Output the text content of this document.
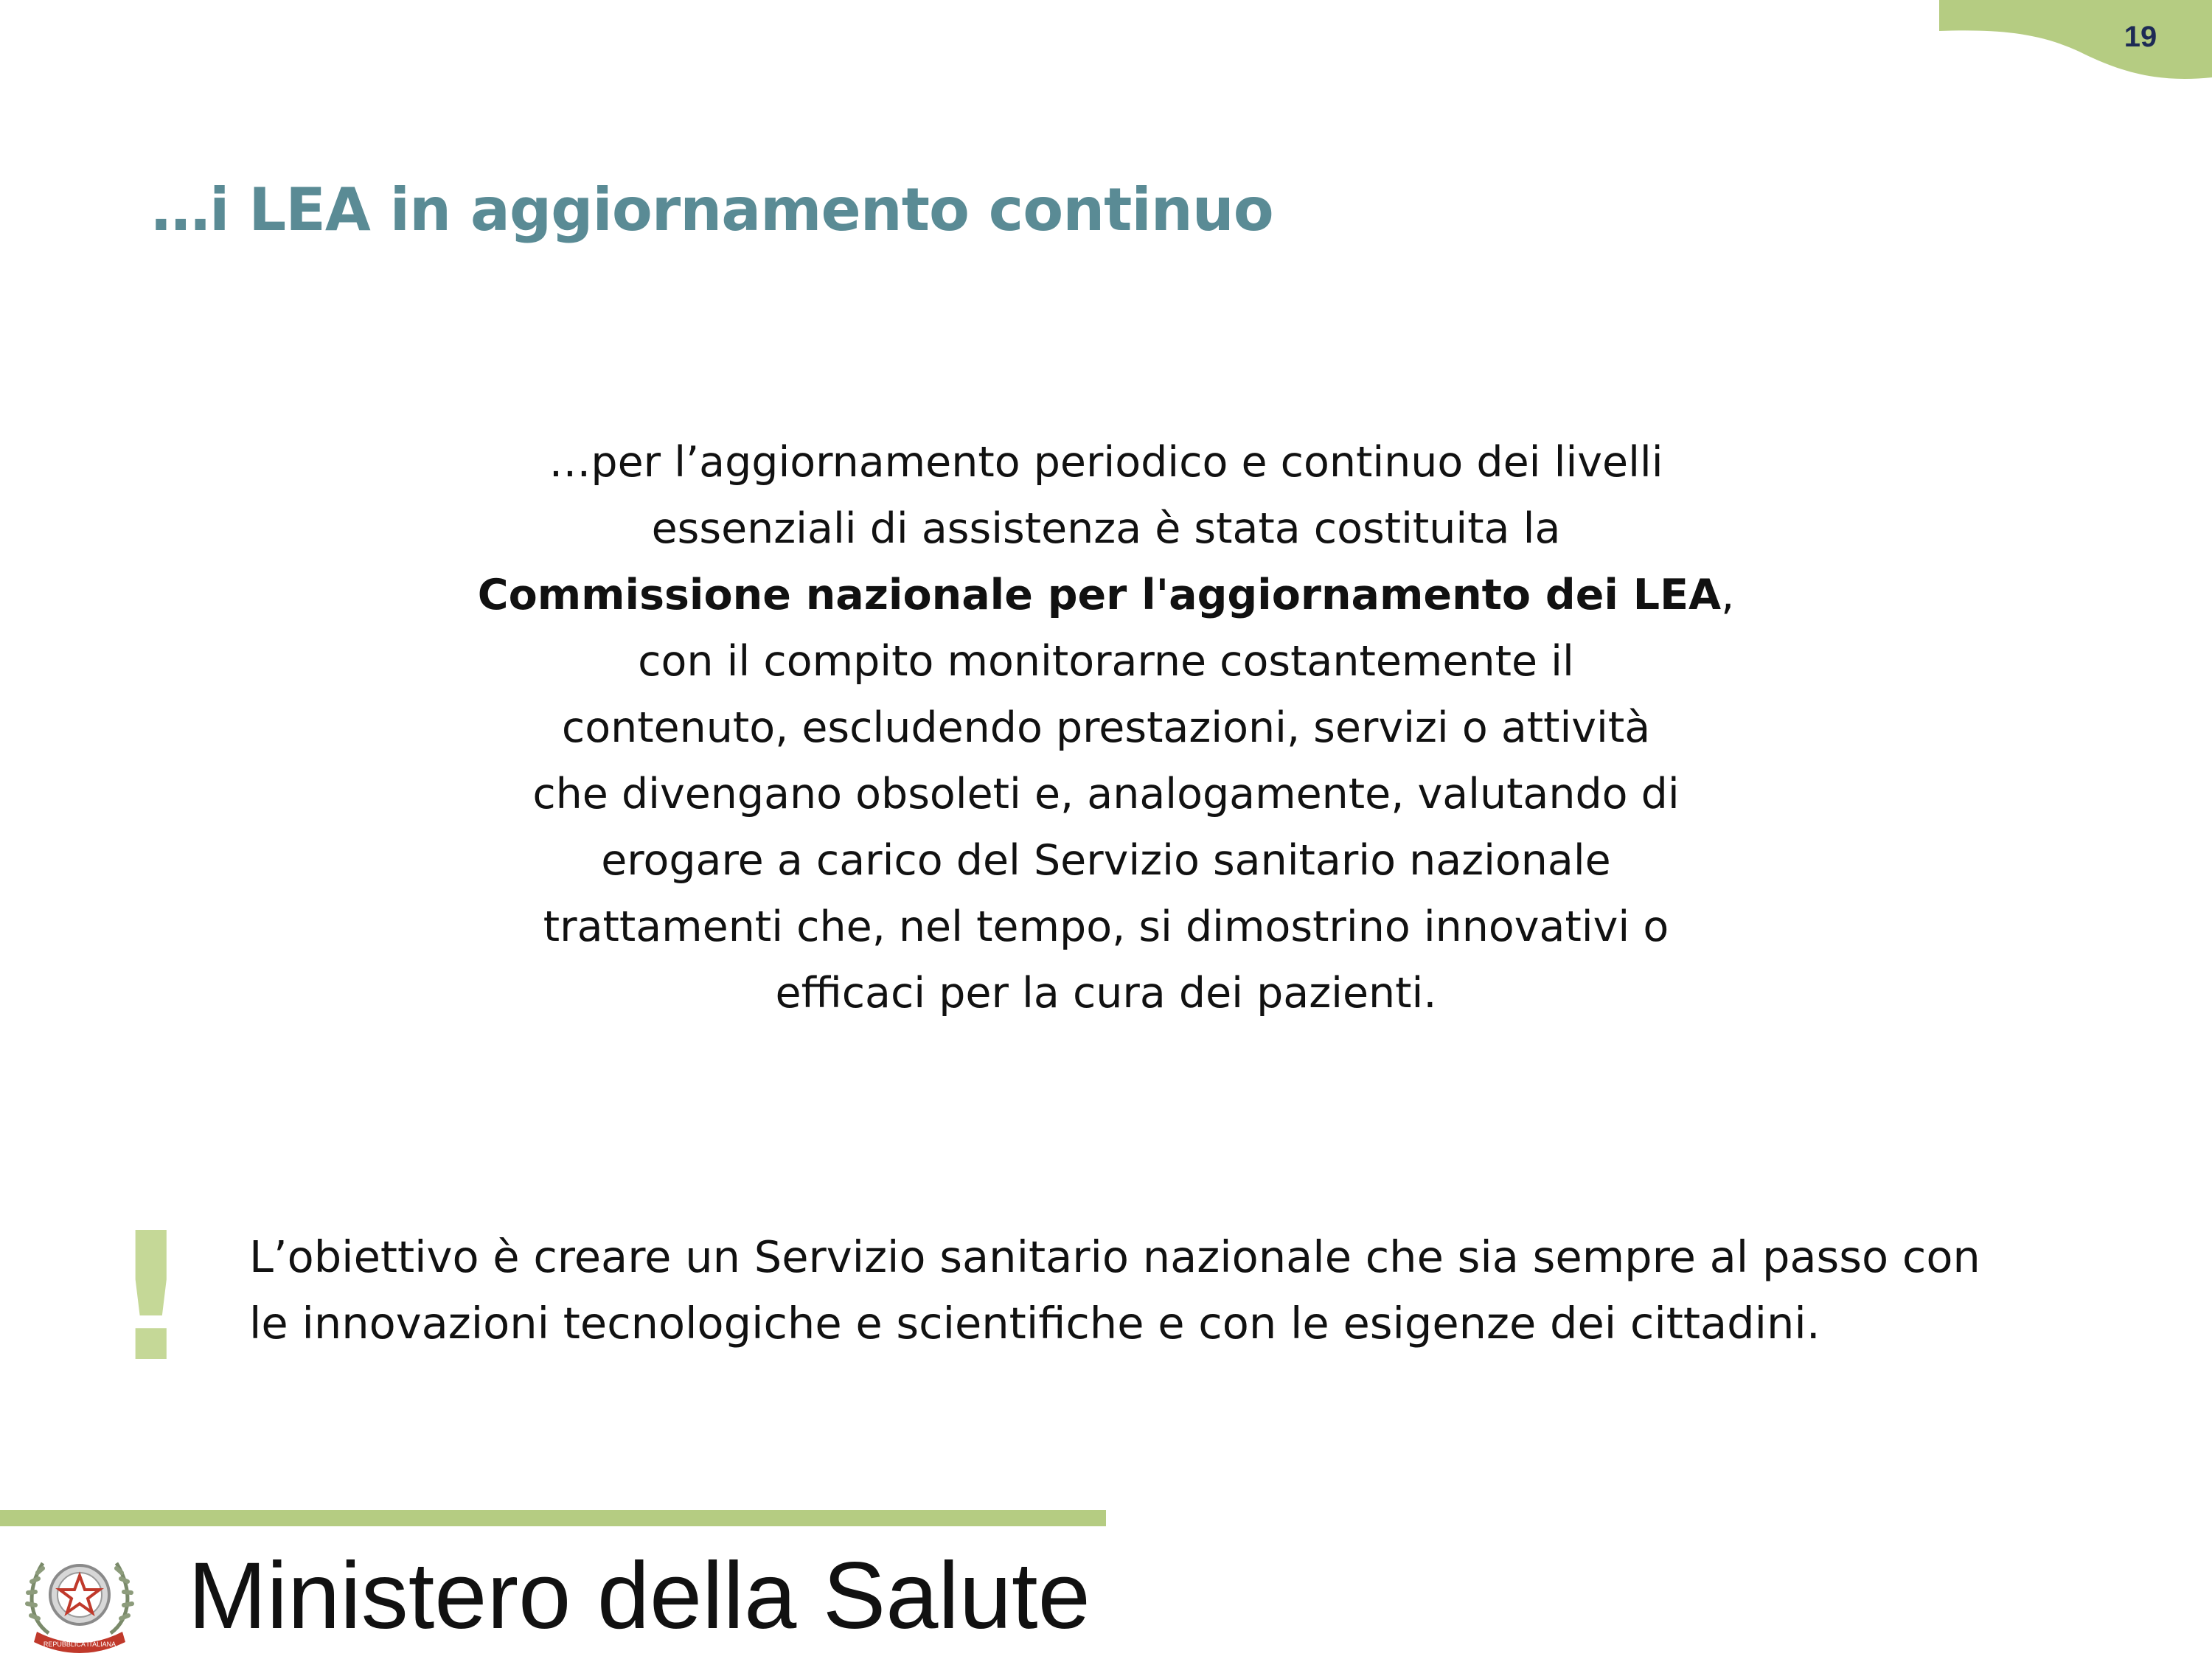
19
…i LEA in aggiornamento continuo
…per l’aggiornamento periodico e continuo dei livelli
essenziali di assistenza è stata costituita la
Commissione nazionale per l'aggiornamento dei LEA,
con il compito monitorarne costantemente il
contenuto, escludendo prestazioni, servizi o attività
che divengano obsoleti e, analogamente, valutando di
erogare a carico del Servizio sanitario nazionale
trattamenti che, nel tempo, si dimostrino innovativi o
efficaci per la cura dei pazienti.
! L’obiettivo è creare un Servizio sanitario nazionale che sia sempre al passo con
le innovazioni tecnologiche e scientifiche e con le esigenze dei cittadini.
REPUBBLICA ITALIANA Ministero della Salute
